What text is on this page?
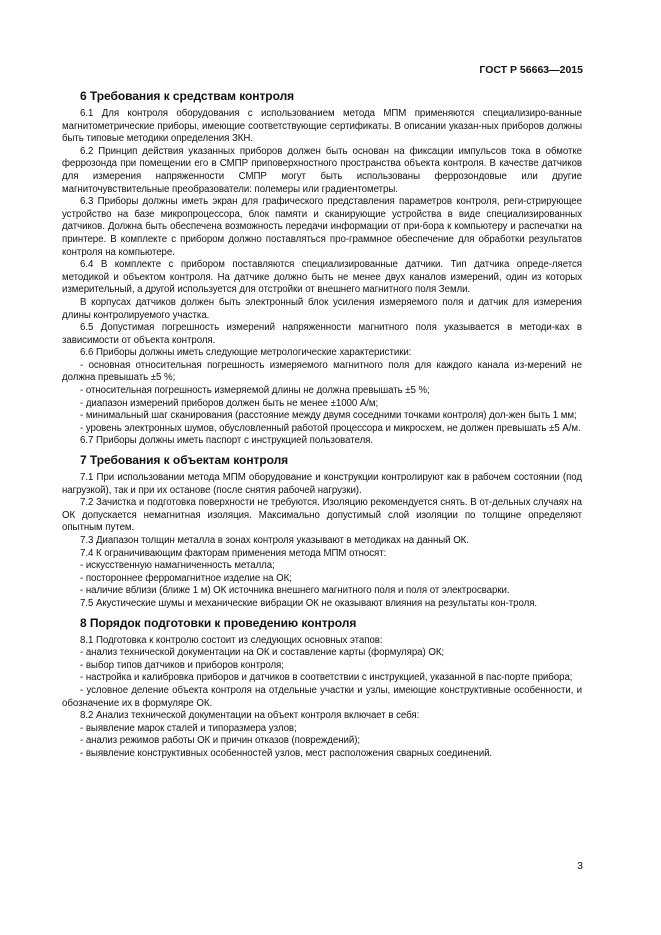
ГОСТ Р 56663—2015
6 Требования к средствам контроля

6.1 Для контроля оборудования с использованием метода МПМ применяются специализиро-ванные магнитометрические приборы, имеющие соответствующие сертификаты. В описании указан-ных приборов должны быть типовые методики определения ЗКН.

6.2 Принцип действия указанных приборов должен быть основан на фиксации импульсов тока в обмотке феррозонда при помещении его в СМПР приповерхностного пространства объекта контроля. В качестве датчиков для измерения напряженности СМПР могут быть использованы феррозондовые или другие магниточувствительные преобразователи: полемеры или градиентометры.

6.3 Приборы должны иметь экран для графического представления параметров контроля, реги-стрирующее устройство на базе микропроцессора, блок памяти и сканирующие устройства в виде специализированных датчиков. Должна быть обеспечена возможность передачи информации от при-бора к компьютеру и распечатки на принтере. В комплекте с прибором должно поставляться про-граммное обеспечение для обработки результатов контроля на компьютере.

6.4 В комплекте с прибором поставляются специализированные датчики. Тип датчика опреде-ляется методикой и объектом контроля. На датчике должно быть не менее двух каналов измерений, один из которых измерительный, а другой используется для отстройки от внешнего магнитного поля Земли.

В корпусах датчиков должен быть электронный блок усиления измеряемого поля и датчик для измерения длины контролируемого участка.

6.5 Допустимая погрешность измерений напряженности магнитного поля указывается в методи-ках в зависимости от объекта контроля.

6.6 Приборы должны иметь следующие метрологические характеристики:

- основная относительная погрешность измеряемого магнитного поля для каждого канала из-мерений не должна превышать ±5 %;

- относительная погрешность измеряемой длины не должна превышать ±5 %;

- диапазон измерений приборов должен быть не менее ±1000 А/м;

- минимальный шаг сканирования (расстояние между двумя соседними точками контроля) дол-жен быть 1 мм;

- уровень электронных шумов, обусловленный работой процессора и микросхем, не должен превышать ±5 А/м.

6.7 Приборы должны иметь паспорт с инструкцией пользователя.

7 Требования к объектам контроля

7.1 При использовании метода МПМ оборудование и конструкции контролируют как в рабочем состоянии (под нагрузкой), так и при их останове (после снятия рабочей нагрузки).

7.2 Зачистка и подготовка поверхности не требуются. Изоляцию рекомендуется снять. В от-дельных случаях на ОК допускается немагнитная изоляция. Максимально допустимый слой изоляции по толщине определяют опытным путем.

7.3 Диапазон толщин металла в зонах контроля указывают в методиках на данный ОК.

7.4 К ограничивающим факторам применения метода МПМ относят:

- искусственную намагниченность металла;

- постороннее ферромагнитное изделие на ОК;

- наличие вблизи (ближе 1 м) ОК источника внешнего магнитного поля и поля от электросварки.

7.5 Акустические шумы и механические вибрации ОК не оказывают влияния на результаты кон-троля.

8 Порядок подготовки к проведению контроля

8.1 Подготовка к контролю состоит из следующих основных этапов:

- анализ технической документации на ОК и составление карты (формуляра) ОК;

- выбор типов датчиков и приборов контроля;

- настройка и калибровка приборов и датчиков в соответствии с инструкцией, указанной в пас-порте прибора;

- условное деление объекта контроля на отдельные участки и узлы, имеющие конструктивные особенности, и обозначение их в формуляре ОК.

8.2 Анализ технической документации на объект контроля включает в себя:

- выявление марок сталей и типоразмера узлов;

- анализ режимов работы ОК и причин отказов (повреждений);

- выявление конструктивных особенностей узлов, мест расположения сварных соединений.

3
